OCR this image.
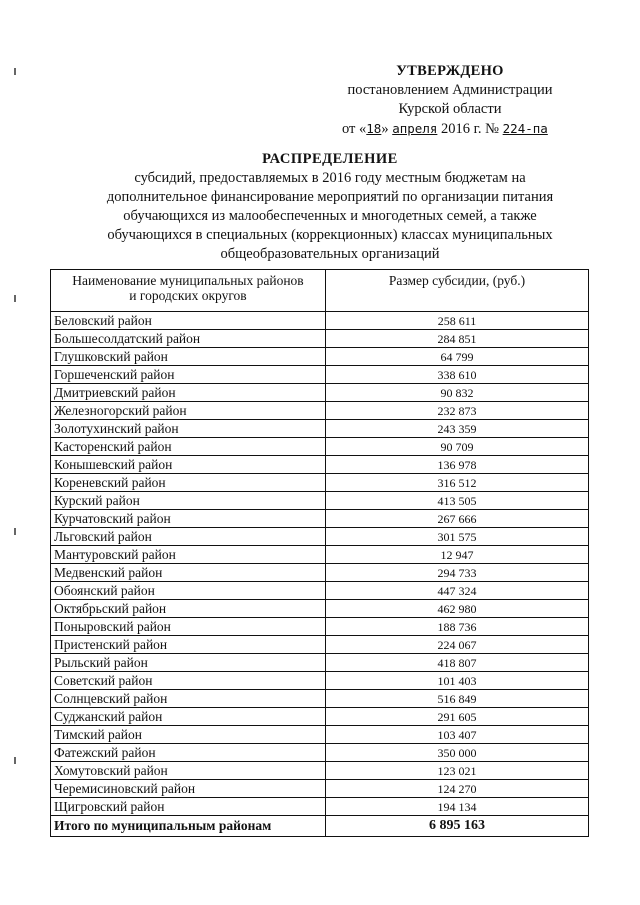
УТВЕРЖДЕНО
постановлением Администрации
Курской области
от «18» апреля 2016 г. № 224-па
РАСПРЕДЕЛЕНИЕ
субсидий, предоставляемых в 2016 году местным бюджетам на
дополнительное финансирование мероприятий по организации питания
обучающихся из малообеспеченных и многодетных семей, а также
обучающихся в специальных (коррекционных) классах муниципальных
общеобразовательных организаций
Наименование муниципальных районов
и городских округов	Размер субсидии, (руб.)
Беловский район	258 611
Большесолдатский район	284 851
Глушковский район	64 799
Горшеченский район	338 610
Дмитриевский район	90 832
Железногорский район	232 873
Золотухинский район	243 359
Касторенский район	90 709
Конышевский район	136 978
Кореневский район	316 512
Курский район	413 505
Курчатовский район	267 666
Льговский район	301 575
Мантуровский район	12 947
Медвенский район	294 733
Обоянский район	447 324
Октябрьский район	462 980
Поныровский район	188 736
Пристенский район	224 067
Рыльский район	418 807
Советский район	101 403
Солнцевский район	516 849
Суджанский район	291 605
Тимский район	103 407
Фатежский район	350 000
Хомутовский район	123 021
Черемисиновский район	124 270
Щигровский район	194 134
Итого по муниципальным районам	6 895 163
